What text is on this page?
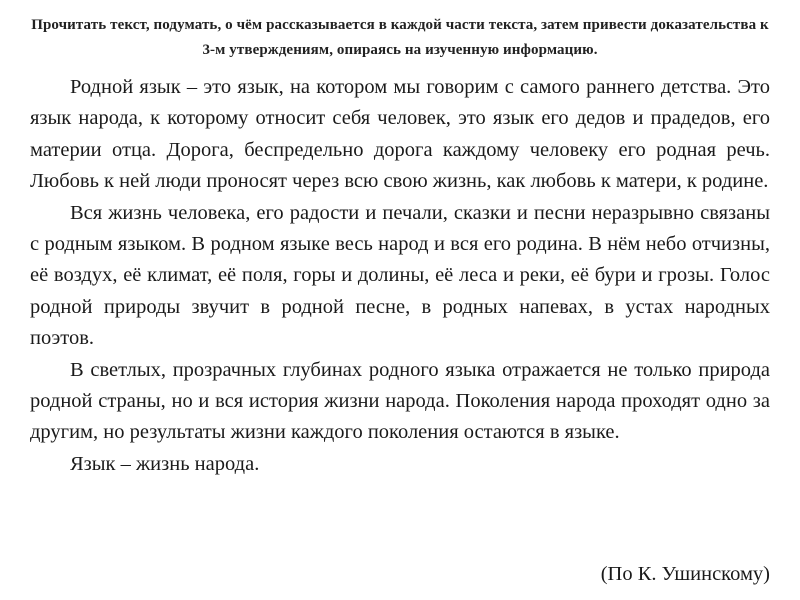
Прочитать текст, подумать, о чём рассказывается в каждой части текста, затем привести доказательства к 3-м утверждениям, опираясь на изученную информацию.

Родной язык – это язык, на котором мы говорим с самого раннего детства. Это язык народа, к которому относит себя человек, это язык его дедов и прадедов, его материи отца. Дорога, беспредельно дорога каждому человеку его родная речь. Любовь к ней люди проносят через всю свою жизнь, как любовь к матери, к родине.

Вся жизнь человека, его радости и печали, сказки и песни неразрывно связаны с родным языком. В родном языке весь народ и вся его родина. В нём небо отчизны, её воздух, её климат, её поля, горы и долины, её леса и реки, её бури и грозы. Голос родной природы звучит в родной песне, в родных напевах, в устах народных поэтов.

В светлых, прозрачных глубинах родного языка отражается не только природа родной страны, но и вся история жизни народа. Поколения народа проходят одно за другим, но результаты жизни каждого поколения остаются в языке.

Язык – жизнь народа.

(По К. Ушинскому)
